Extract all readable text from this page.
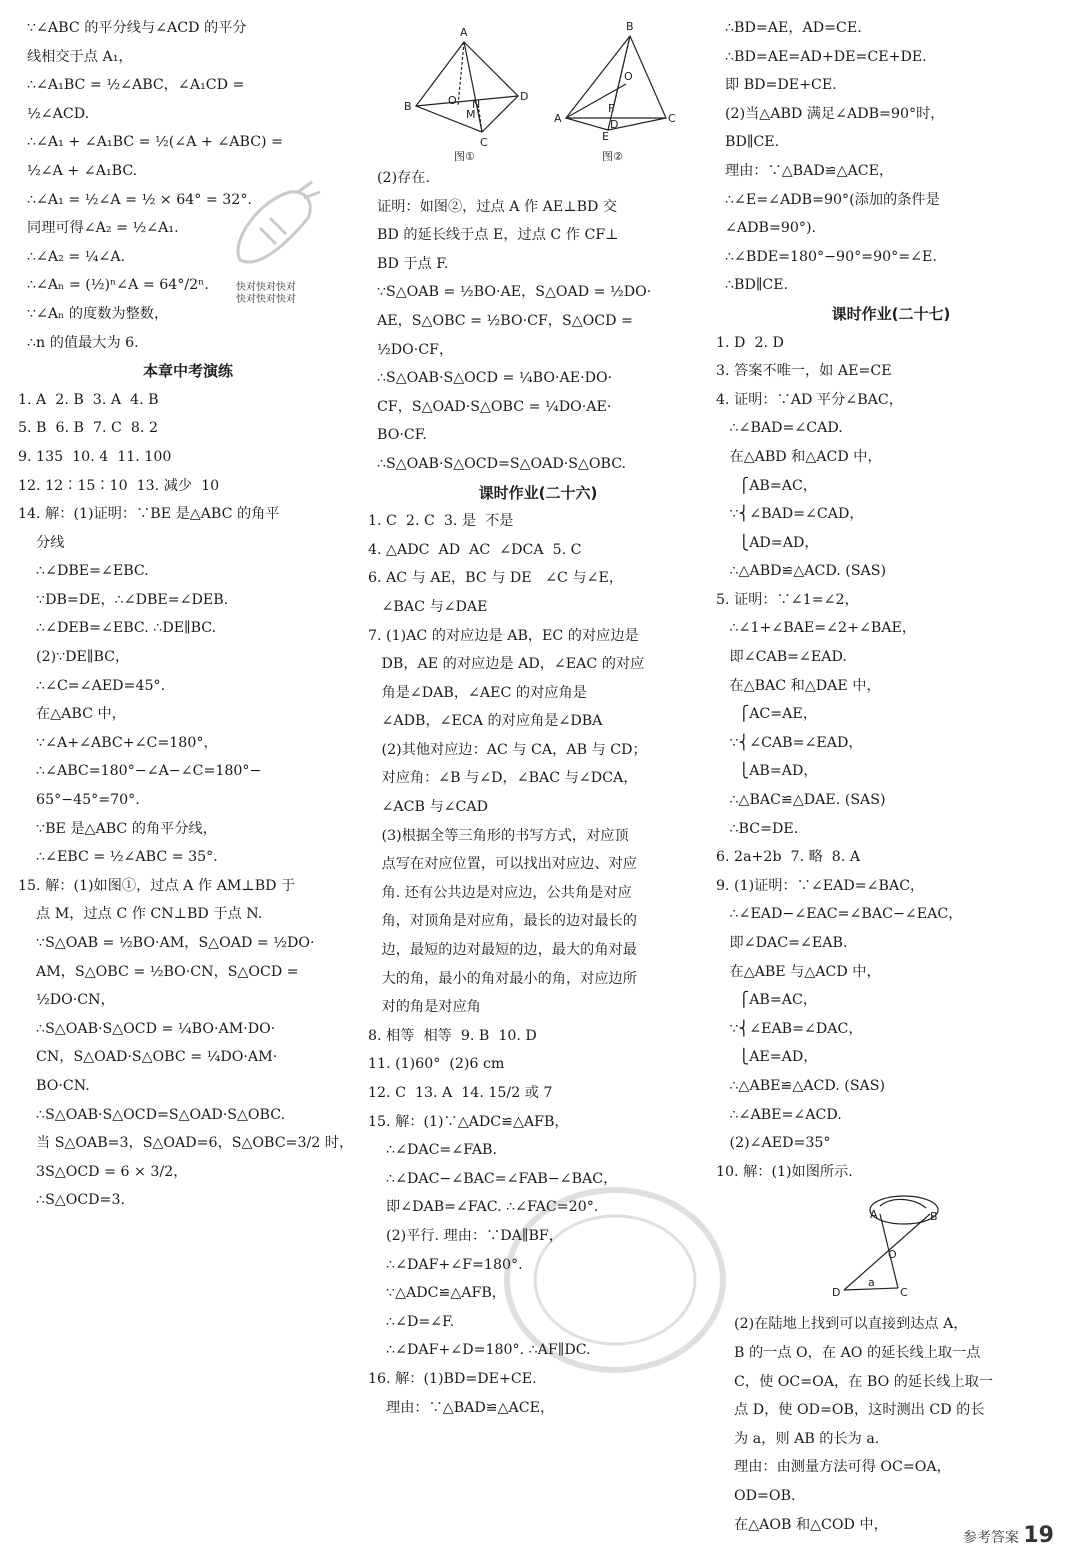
∵∠ABC 的平分线与∠ACD 的平分
线相交于点 A₁，
∴∠A₁BC = ½∠ABC，∠A₁CD =
½∠ACD.
∴∠A₁ + ∠A₁BC = ½(∠A + ∠ABC) =
½∠A + ∠A₁BC.
∴∠A₁ = ½∠A = ½ × 64° = 32°.
同理可得∠A₂ = ½∠A₁.
∴∠A₂ = ¼∠A.
∴∠Aₙ = (½)ⁿ∠A = 64°/2ⁿ.
∵∠Aₙ 的度数为整数，
∴n 的值最大为 6.
本章中考演练
1. A  2. B  3. A  4. B
5. B  6. B  7. C  8. 2
9. 135  10. 4  11. 100
12. 12∶15∶10  13. 减少  10
14. 解：(1)证明：∵BE 是△ABC 的角平
分线
∴∠DBE=∠EBC.
∵DB=DE，∴∠DBE=∠DEB.
∴∠DEB=∠EBC. ∴DE∥BC.
(2)∵DE∥BC，
∴∠C=∠AED=45°.
在△ABC 中，
∵∠A+∠ABC+∠C=180°，
∴∠ABC=180°−∠A−∠C=180°−
65°−45°=70°.
∵BE 是△ABC 的角平分线，
∴∠EBC = ½∠ABC = 35°.
15. 解：(1)如图①，过点 A 作 AM⊥BD 于
点 M，过点 C 作 CN⊥BD 于点 N.
∵S△OAB = ½BO·AM，S△OAD = ½DO·
AM，S△OBC = ½BO·CN，S△OCD =
½DO·CN，
∴S△OAB·S△OCD = ¼BO·AM·DO·
CN，S△OAD·S△OBC = ¼DO·AM·
BO·CN.
∴S△OAB·S△OCD=S△OAD·S△OBC.
当 S△OAB=3，S△OAD=6，S△OBC=3/2 时，
3S△OCD = 6 × 3/2，
∴S△OCD=3.
A
B
D
C
O N
M
B
A	C
O
F
D
E
图①	图②
(2)存在.
证明：如图②，过点 A 作 AE⊥BD 交
BD 的延长线于点 E，过点 C 作 CF⊥
BD 于点 F.
∵S△OAB = ½BO·AE，S△OAD = ½DO·
AE，S△OBC = ½BO·CF，S△OCD =
½DO·CF，
∴S△OAB·S△OCD = ¼BO·AE·DO·
CF，S△OAD·S△OBC = ¼DO·AE·
BO·CF.
∴S△OAB·S△OCD=S△OAD·S△OBC.
课时作业(二十六)
1. C  2. C  3. 是  不是
4. △ADC  AD  AC  ∠DCA  5. C
6. AC 与 AE，BC 与 DE   ∠C 与∠E，
∠BAC 与∠DAE
7. (1)AC 的对应边是 AB，EC 的对应边是
DB，AE 的对应边是 AD，∠EAC 的对应
角是∠DAB，∠AEC 的对应角是
∠ADB，∠ECA 的对应角是∠DBA
(2)其他对应边：AC 与 CA，AB 与 CD；
对应角：∠B 与∠D，∠BAC 与∠DCA，
∠ACB 与∠CAD
(3)根据全等三角形的书写方式，对应顶
点写在对应位置，可以找出对应边、对应
角. 还有公共边是对应边，公共角是对应
角，对顶角是对应角，最长的边对最长的
边，最短的边对最短的边，最大的角对最
大的角，最小的角对最小的角，对应边所
对的角是对应角
8. 相等  相等  9. B  10. D
11. (1)60°  (2)6 cm
12. C  13. A  14. 15/2 或 7
15. 解：(1)∵△ADC≌△AFB，
∴∠DAC=∠FAB.
∴∠DAC−∠BAC=∠FAB−∠BAC，
即∠DAB=∠FAC. ∴∠FAC=20°.
(2)平行. 理由：∵DA∥BF，
∴∠DAF+∠F=180°.
∵△ADC≌△AFB，
∴∠D=∠F.
∴∠DAF+∠D=180°. ∴AF∥DC.
16. 解：(1)BD=DE+CE.
理由：∵△BAD≌△ACE，
∴BD=AE，AD=CE.
∴BD=AE=AD+DE=CE+DE.
即 BD=DE+CE.
(2)当△ABD 满足∠ADB=90°时，
BD∥CE.
理由：∵△BAD≌△ACE，
∴∠E=∠ADB=90°(添加的条件是
∠ADB=90°).
∴∠BDE=180°−90°=90°=∠E.
∴BD∥CE.
课时作业(二十七)
1. D  2. D
3. 答案不唯一，如 AE=CE
4. 证明：∵AD 平分∠BAC，
∴∠BAD=∠CAD.
在△ABD 和△ACD 中，
⎧AB=AC，
∵⎨∠BAD=∠CAD，
⎩AD=AD，
∴△ABD≌△ACD. (SAS)
5. 证明：∵∠1=∠2，
∴∠1+∠BAE=∠2+∠BAE，
即∠CAB=∠EAD.
在△BAC 和△DAE 中，
⎧AC=AE，
∵⎨∠CAB=∠EAD，
⎩AB=AD，
∴△BAC≌△DAE. (SAS)
∴BC=DE.
6. 2a+2b  7. 略  8. A
9. (1)证明：∵∠EAD=∠BAC，
∴∠EAD−∠EAC=∠BAC−∠EAC，
即∠DAC=∠EAB.
在△ABE 与△ACD 中，
⎧AB=AC，
∵⎨∠EAB=∠DAC，
⎩AE=AD，
∴△ABE≌△ACD. (SAS)
∴∠ABE=∠ACD.
(2)∠AED=35°
10. 解：(1)如图所示.
A	B
O
D	C
a
(2)在陆地上找到可以直接到达点 A，
B 的一点 O，在 AO 的延长线上取一点
C，使 OC=OA，在 BO 的延长线上取一
点 D，使 OD=OB，这时测出 CD 的长
为 a，则 AB 的长为 a.
理由：由测量方法可得 OC=OA，
OD=OB.
在△AOB 和△COD 中，
快对快对快对
快对快对快对
参考答案 19
